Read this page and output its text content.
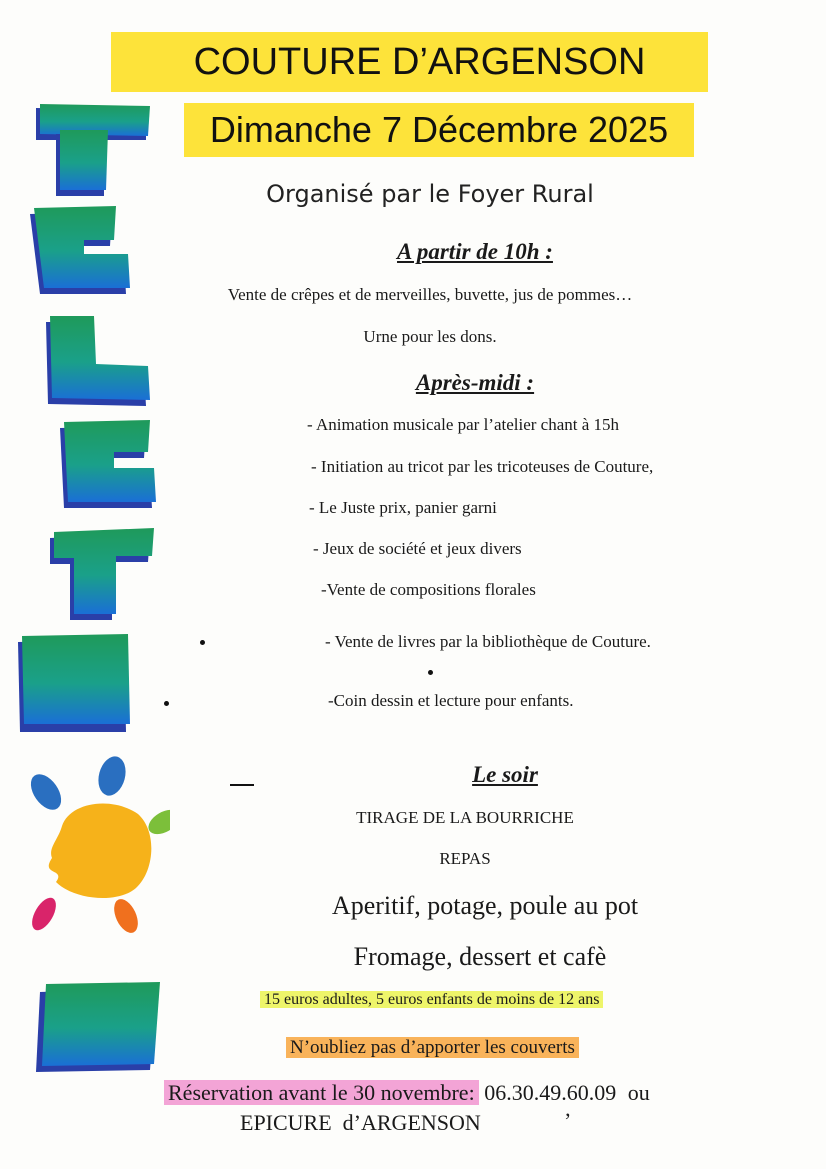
COUTURE D’ARGENSON
Dimanche 7 Décembre 2025
Organisé par le Foyer Rural
A partir de 10h :
Vente de crêpes et de merveilles, buvette, jus de pommes…
Urne pour les dons.
Après-midi :
- Animation musicale par l’atelier chant à 15h
- Initiation au tricot par les tricoteuses de Couture,
- Le Juste prix, panier garni
- Jeux de société et jeux divers
-Vente de compositions florales
- Vente de livres par la bibliothèque de Couture.
-Coin dessin et lecture pour enfants.
Le soir
TIRAGE DE LA BOURRICHE
REPAS
Aperitif, potage, poule au pot
Fromage, dessert et cafè
15 euros adultes, 5 euros enfants de moins de 12 ans
N’oubliez pas d’apporter les couverts
Réservation avant le 30 novembre: 06.30.49.60.09 ou
EPICURE  d’ARGENSON	’
